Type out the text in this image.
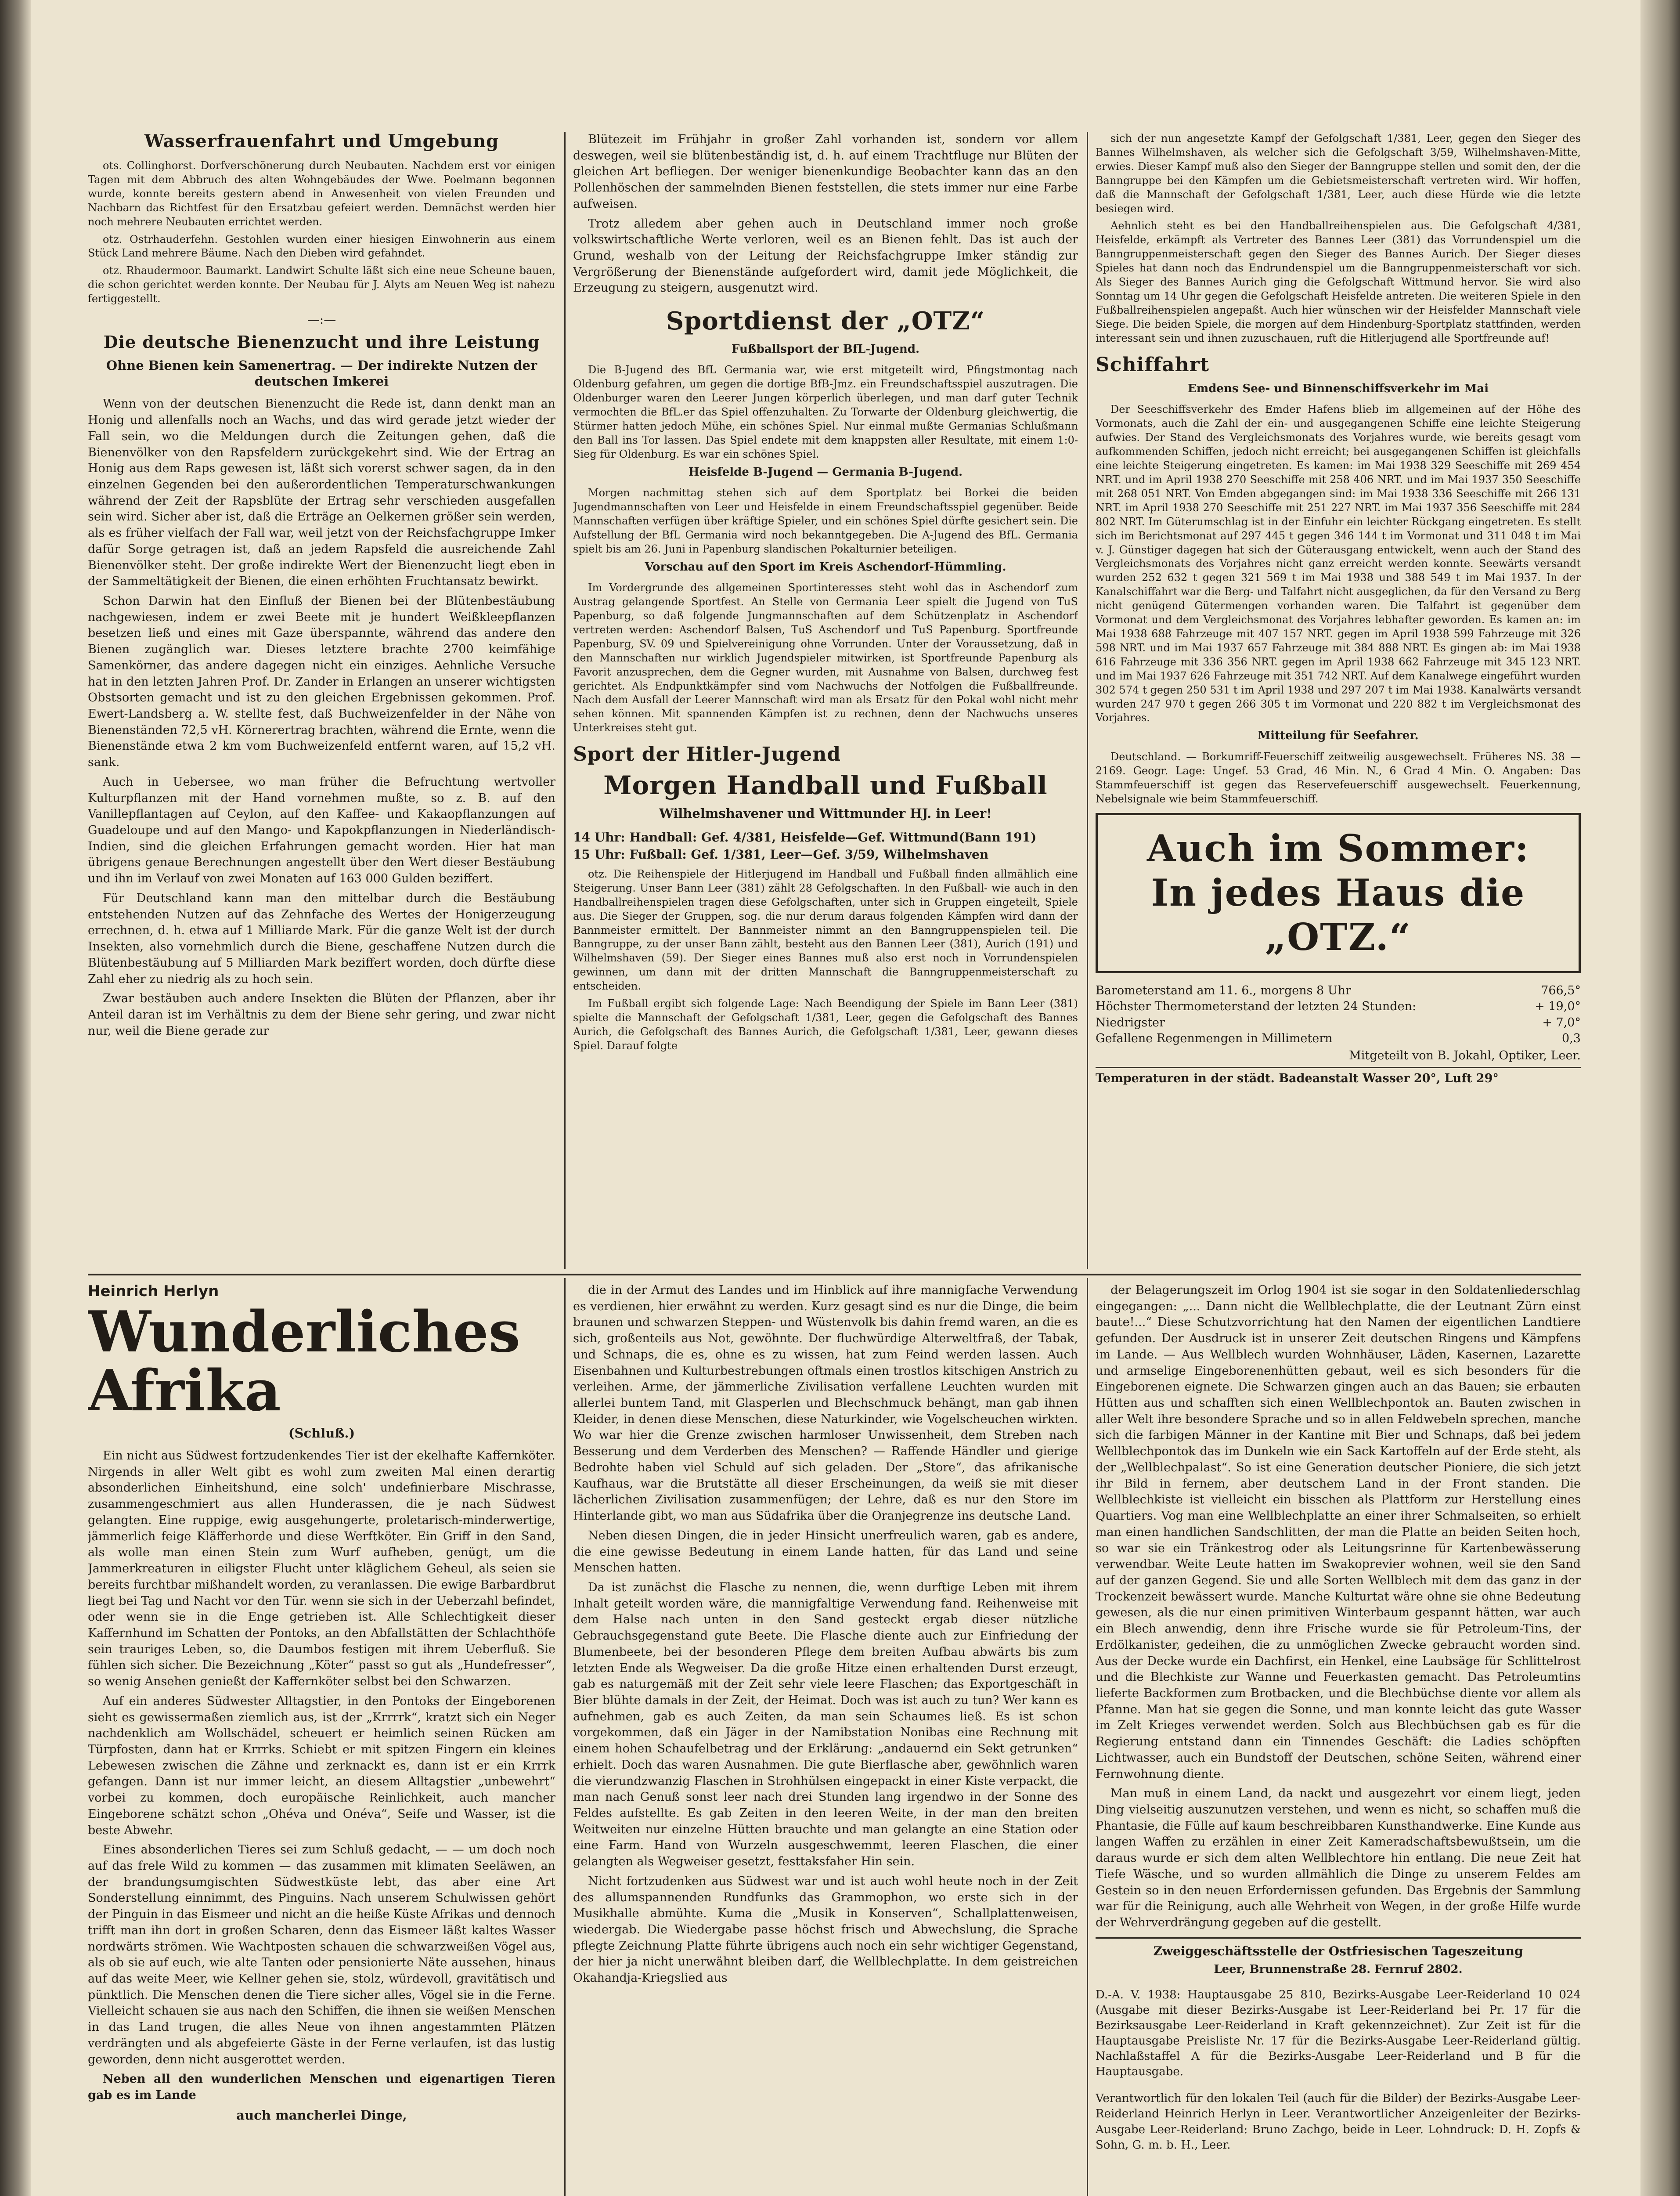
Wasserfrauenfahrt und Umgebung

ots. Collinghorst. Dorfverschönerung durch Neubauten. Nachdem erst vor einigen Tagen mit dem Abbruch des alten Wohngebäudes der Wwe. Poelmann begonnen wurde, konnte bereits gestern abend in Anwesenheit von vielen Freunden und Nachbarn das Richtfest für den Ersatzbau gefeiert werden. Demnächst werden hier noch mehrere Neubauten errichtet werden.

otz. Ostrhauderfehn. Gestohlen wurden einer hiesigen Einwohnerin aus einem Stück Land mehrere Bäume. Nach den Dieben wird gefahndet.

otz. Rhaudermoor. Baumarkt. Landwirt Schulte läßt sich eine neue Scheune bauen, die schon gerichtet werden konnte. Der Neubau für J. Alyts am Neuen Weg ist nahezu fertiggestellt.

—:—
Die deutsche Bienenzucht und ihre Leistung
Ohne Bienen kein Samenertrag. — Der indirekte Nutzen der deutschen Imkerei

Wenn von der deutschen Bienenzucht die Rede ist, dann denkt man an Honig und allenfalls noch an Wachs, und das wird gerade jetzt wieder der Fall sein, wo die Meldungen durch die Zeitungen gehen, daß die Bienenvölker von den Rapsfeldern zurückgekehrt sind. Wie der Ertrag an Honig aus dem Raps gewesen ist, läßt sich vorerst schwer sagen, da in den einzelnen Gegenden bei den außerordentlichen Temperaturschwankungen während der Zeit der Rapsblüte der Ertrag sehr verschieden ausgefallen sein wird. Sicher aber ist, daß die Erträge an Oelkernen größer sein werden, als es früher vielfach der Fall war, weil jetzt von der Reichsfachgruppe Imker dafür Sorge getragen ist, daß an jedem Rapsfeld die ausreichende Zahl Bienenvölker steht. Der große indirekte Wert der Bienenzucht liegt eben in der Sammeltätigkeit der Bienen, die einen erhöhten Fruchtansatz bewirkt.

Schon Darwin hat den Einfluß der Bienen bei der Blütenbestäubung nachgewiesen, indem er zwei Beete mit je hundert Weißkleepflanzen besetzen ließ und eines mit Gaze überspannte, während das andere den Bienen zugänglich war. Dieses letztere brachte 2700 keimfähige Samenkörner, das andere dagegen nicht ein einziges. Aehnliche Versuche hat in den letzten Jahren Prof. Dr. Zander in Erlangen an unserer wichtigsten Obstsorten gemacht und ist zu den gleichen Ergebnissen gekommen. Prof. Ewert-Landsberg a. W. stellte fest, daß Buchweizenfelder in der Nähe von Bienenständen 72,5 vH. Körnerertrag brachten, während die Ernte, wenn die Bienenstände etwa 2 km vom Buchweizenfeld entfernt waren, auf 15,2 vH. sank.

Auch in Uebersee, wo man früher die Befruchtung wertvoller Kulturpflanzen mit der Hand vornehmen mußte, so z. B. auf den Vanillepflantagen auf Ceylon, auf den Kaffee- und Kakaopflanzungen auf Guadeloupe und auf den Mango- und Kapokpflanzungen in Niederländisch-Indien, sind die gleichen Erfahrungen gemacht worden. Hier hat man übrigens genaue Berechnungen angestellt über den Wert dieser Bestäubung und ihn im Verlauf von zwei Monaten auf 163 000 Gulden beziffert.

Für Deutschland kann man den mittelbar durch die Bestäubung entstehenden Nutzen auf das Zehnfache des Wertes der Honigerzeugung errechnen, d. h. etwa auf 1 Milliarde Mark. Für die ganze Welt ist der durch Insekten, also vornehmlich durch die Biene, geschaffene Nutzen durch die Blütenbestäubung auf 5 Milliarden Mark beziffert worden, doch dürfte diese Zahl eher zu niedrig als zu hoch sein.

Zwar bestäuben auch andere Insekten die Blüten der Pflanzen, aber ihr Anteil daran ist im Verhältnis zu dem der Biene sehr gering, und zwar nicht nur, weil die Biene gerade zur

Blütezeit im Frühjahr in großer Zahl vorhanden ist, sondern vor allem deswegen, weil sie blütenbeständig ist, d. h. auf einem Trachtfluge nur Blüten der gleichen Art befliegen. Der weniger bienenkundige Beobachter kann das an den Pollenhöschen der sammelnden Bienen feststellen, die stets immer nur eine Farbe aufweisen.

Trotz alledem aber gehen auch in Deutschland immer noch große volkswirtschaftliche Werte verloren, weil es an Bienen fehlt. Das ist auch der Grund, weshalb von der Leitung der Reichsfachgruppe Imker ständig zur Vergrößerung der Bienenstände aufgefordert wird, damit jede Möglichkeit, die Erzeugung zu steigern, ausgenutzt wird.

Sportdienst der „OTZ“
Fußballsport der BfL-Jugend.

Die B-Jugend des BfL Germania war, wie erst mitgeteilt wird, Pfingstmontag nach Oldenburg gefahren, um gegen die dortige BfB-Jmz. ein Freundschaftsspiel auszutragen. Die Oldenburger waren den Leerer Jungen körperlich überlegen, und man darf guter Technik vermochten die BfL.er das Spiel offenzuhalten. Zu Torwarte der Oldenburg gleichwertig, die Stürmer hatten jedoch Mühe, ein schönes Spiel. Nur einmal mußte Germanias Schlußmann den Ball ins Tor lassen. Das Spiel endete mit dem knappsten aller Resultate, mit einem 1:0-Sieg für Oldenburg. Es war ein schönes Spiel.

Heisfelde B-Jugend — Germania B-Jugend.

Morgen nachmittag stehen sich auf dem Sportplatz bei Borkei die beiden Jugendmannschaften von Leer und Heisfelde in einem Freundschaftsspiel gegenüber. Beide Mannschaften verfügen über kräftige Spieler, und ein schönes Spiel dürfte gesichert sein. Die Aufstellung der BfL Germania wird noch bekanntgegeben. Die A-Jugend des BfL. Germania spielt bis am 26. Juni in Papenburg slandischen Pokalturnier beteiligen.

Vorschau auf den Sport im Kreis Aschendorf-Hümmling.

Im Vordergrunde des allgemeinen Sportinteresses steht wohl das in Aschendorf zum Austrag gelangende Sportfest. An Stelle von Germania Leer spielt die Jugend von TuS Papenburg, so daß folgende Jungmannschaften auf dem Schützenplatz in Aschendorf vertreten werden: Aschendorf Balsen, TuS Aschendorf und TuS Papenburg. Sportfreunde Papenburg, SV. 09 und Spielvereinigung ohne Vorrunden. Unter der Voraussetzung, daß in den Mannschaften nur wirklich Jugendspieler mitwirken, ist Sportfreunde Papenburg als Favorit anzusprechen, dem die Gegner wurden, mit Ausnahme von Balsen, durchweg fest gerichtet. Als Endpunktkämpfer sind vom Nachwuchs der Notfolgen die Fußballfreunde. Nach dem Ausfall der Leerer Mannschaft wird man als Ersatz für den Pokal wohl nicht mehr sehen können. Mit spannenden Kämpfen ist zu rechnen, denn der Nachwuchs unseres Unterkreises steht gut.

Sport der Hitler-Jugend
Morgen Handball und Fußball
Wilhelmshavener und Wittmunder HJ. in Leer!
14 Uhr: Handball: Gef. 4/381, Heisfelde—Gef. Wittmund(Bann 191)
15 Uhr: Fußball: Gef. 1/381, Leer—Gef. 3/59, Wilhelmshaven

otz. Die Reihenspiele der Hitlerjugend im Handball und Fußball finden allmählich eine Steigerung. Unser Bann Leer (381) zählt 28 Gefolgschaften. In den Fußball- wie auch in den Handballreihenspielen tragen diese Gefolgschaften, unter sich in Gruppen eingeteilt, Spiele aus. Die Sieger der Gruppen, sog. die nur derum daraus folgenden Kämpfen wird dann der Bannmeister ermittelt. Der Bannmeister nimmt an den Banngruppenspielen teil. Die Banngruppe, zu der unser Bann zählt, besteht aus den Bannen Leer (381), Aurich (191) und Wilhelmshaven (59). Der Sieger eines Bannes muß also erst noch in Vorrundenspielen gewinnen, um dann mit der dritten Mannschaft die Banngruppenmeisterschaft zu entscheiden.

Im Fußball ergibt sich folgende Lage: Nach Beendigung der Spiele im Bann Leer (381) spielte die Mannschaft der Gefolgschaft 1/381, Leer, gegen die Gefolgschaft des Bannes Aurich, die Gefolgschaft des Bannes Aurich, die Gefolgschaft 1/381, Leer, gewann dieses Spiel. Darauf folgte

sich der nun angesetzte Kampf der Gefolgschaft 1/381, Leer, gegen den Sieger des Bannes Wilhelmshaven, als welcher sich die Gefolgschaft 3/59, Wilhelmshaven-Mitte, erwies. Dieser Kampf muß also den Sieger der Banngruppe stellen und somit den, der die Banngruppe bei den Kämpfen um die Gebietsmeisterschaft vertreten wird. Wir hoffen, daß die Mannschaft der Gefolgschaft 1/381, Leer, auch diese Hürde wie die letzte besiegen wird.

Aehnlich steht es bei den Handballreihenspielen aus. Die Gefolgschaft 4/381, Heisfelde, erkämpft als Vertreter des Bannes Leer (381) das Vorrundenspiel um die Banngruppenmeisterschaft gegen den Sieger des Bannes Aurich. Der Sieger dieses Spieles hat dann noch das Endrundenspiel um die Banngruppenmeisterschaft vor sich. Als Sieger des Bannes Aurich ging die Gefolgschaft Wittmund hervor. Sie wird also Sonntag um 14 Uhr gegen die Gefolgschaft Heisfelde antreten. Die weiteren Spiele in den Fußballreihenspielen angepaßt. Auch hier wünschen wir der Heisfelder Mannschaft viele Siege. Die beiden Spiele, die morgen auf dem Hindenburg-Sportplatz stattfinden, werden interessant sein und ihnen zuzuschauen, ruft die Hitlerjugend alle Sportfreunde auf!

Schiffahrt
Emdens See- und Binnenschiffsverkehr im Mai

Der Seeschiffsverkehr des Emder Hafens blieb im allgemeinen auf der Höhe des Vormonats, auch die Zahl der ein- und ausgegangenen Schiffe eine leichte Steigerung aufwies. Der Stand des Vergleichsmonats des Vorjahres wurde, wie bereits gesagt vom aufkommenden Schiffen, jedoch nicht erreicht; bei ausgegangenen Schiffen ist gleichfalls eine leichte Steigerung eingetreten. Es kamen: im Mai 1938 329 Seeschiffe mit 269 454 NRT. und im April 1938 270 Seeschiffe mit 258 406 NRT. und im Mai 1937 350 Seeschiffe mit 268 051 NRT. Von Emden abgegangen sind: im Mai 1938 336 Seeschiffe mit 266 131 NRT. im April 1938 270 Seeschiffe mit 251 227 NRT. im Mai 1937 356 Seeschiffe mit 284 802 NRT. Im Güterumschlag ist in der Einfuhr ein leichter Rückgang eingetreten. Es stellt sich im Berichtsmonat auf 297 445 t gegen 346 144 t im Vormonat und 311 048 t im Mai v. J. Günstiger dagegen hat sich der Güterausgang entwickelt, wenn auch der Stand des Vergleichsmonats des Vorjahres nicht ganz erreicht werden konnte. Seewärts versandt wurden 252 632 t gegen 321 569 t im Mai 1938 und 388 549 t im Mai 1937. In der Kanalschiffahrt war die Berg- und Talfahrt nicht ausgeglichen, da für den Versand zu Berg nicht genügend Gütermengen vorhanden waren. Die Talfahrt ist gegenüber dem Vormonat und dem Vergleichsmonat des Vorjahres lebhafter geworden. Es kamen an: im Mai 1938 688 Fahrzeuge mit 407 157 NRT. gegen im April 1938 599 Fahrzeuge mit 326 598 NRT. und im Mai 1937 657 Fahrzeuge mit 384 888 NRT. Es gingen ab: im Mai 1938 616 Fahrzeuge mit 336 356 NRT. gegen im April 1938 662 Fahrzeuge mit 345 123 NRT. und im Mai 1937 626 Fahrzeuge mit 351 742 NRT. Auf dem Kanalwege eingeführt wurden 302 574 t gegen 250 531 t im April 1938 und 297 207 t im Mai 1938. Kanalwärts versandt wurden 247 970 t gegen 266 305 t im Vormonat und 220 882 t im Vergleichsmonat des Vorjahres.

Mitteilung für Seefahrer.

Deutschland. — Borkumriff-Feuerschiff zeitweilig ausgewechselt. Früheres NS. 38 — 2169. Geogr. Lage: Ungef. 53 Grad, 46 Min. N., 6 Grad 4 Min. O. Angaben: Das Stammfeuerschiff ist gegen das Reservefeuerschiff ausgewechselt. Feuerkennung, Nebelsignale wie beim Stammfeuerschiff.

Auch im Sommer:
In jedes Haus die „OTZ.“
Barometerstand am 11. 6., morgens 8 Uhr	766,5°
Höchster Thermometerstand der letzten 24 Stunden:	+ 19,0°
Niedrigster	+ 7,0°
Gefallene Regenmengen in Millimetern	0,3
Mitgeteilt von B. Jokahl, Optiker, Leer.
Temperaturen in der städt. Badeanstalt Wasser 20°, Luft 29°
Heinrich Herlyn
Wunderliches Afrika
(Schluß.)

Ein nicht aus Südwest fortzudenkendes Tier ist der ekelhafte Kaffernköter. Nirgends in aller Welt gibt es wohl zum zweiten Mal einen derartig absonderlichen Einheitshund, eine solch' undefinierbare Mischrasse, zusammengeschmiert aus allen Hunderassen, die je nach Südwest gelangten. Eine ruppige, ewig ausgehungerte, proletarisch-minderwertige, jämmerlich feige Kläfferhorde und diese Werftköter. Ein Griff in den Sand, als wolle man einen Stein zum Wurf aufheben, genügt, um die Jammerkreaturen in eiligster Flucht unter kläglichem Geheul, als seien sie bereits furchtbar mißhandelt worden, zu veranlassen. Die ewige Barbardbrut liegt bei Tag und Nacht vor den Tür. wenn sie sich in der Ueberzahl befindet, oder wenn sie in die Enge getrieben ist. Alle Schlechtigkeit dieser Kaffernhund im Schatten der Pontoks, an den Abfallstätten der Schlachthöfe sein trauriges Leben, so, die Daumbos festigen mit ihrem Ueberfluß. Sie fühlen sich sicher. Die Bezeichnung „Köter“ passt so gut als „Hundefresser“, so wenig Ansehen genießt der Kaffernköter selbst bei den Schwarzen.

Auf ein anderes Südwester Alltagstier, in den Pontoks der Eingeborenen sieht es gewissermaßen ziemlich aus, ist der „Krrrrk“, kratzt sich ein Neger nachdenklich am Wollschädel, scheuert er heimlich seinen Rücken am Türpfosten, dann hat er Krrrks. Schiebt er mit spitzen Fingern ein kleines Lebewesen zwischen die Zähne und zerknackt es, dann ist er ein Krrrk gefangen. Dann ist nur immer leicht, an diesem Alltagstier „unbewehrt“ vorbei zu kommen, doch europäische Reinlichkeit, auch mancher Eingeborene schätzt schon „Ohéva und Onéva“, Seife und Wasser, ist die beste Abwehr.

Eines absonderlichen Tieres sei zum Schluß gedacht, — — um doch noch auf das frele Wild zu kommen — das zusammen mit klimaten Seeläwen, an der brandungsumgischten Südwestküste lebt, das aber eine Art Sonderstellung einnimmt, des Pinguins. Nach unserem Schulwissen gehört der Pinguin in das Eismeer und nicht an die heiße Küste Afrikas und dennoch trifft man ihn dort in großen Scharen, denn das Eismeer läßt kaltes Wasser nordwärts strömen. Wie Wachtposten schauen die schwarzweißen Vögel aus, als ob sie auf euch, wie alte Tanten oder pensionierte Näte aussehen, hinaus auf das weite Meer, wie Kellner gehen sie, stolz, würdevoll, gravitätisch und pünktlich. Die Menschen denen die Tiere sicher alles, Vögel sie in die Ferne. Vielleicht schauen sie aus nach den Schiffen, die ihnen sie weißen Menschen in das Land trugen, die alles Neue von ihnen angestammten Plätzen verdrängten und als abgefeierte Gäste in der Ferne verlaufen, ist das lustig geworden, denn nicht ausgerottet werden.

Neben all den wunderlichen Menschen und eigenartigen Tieren gab es im Lande

auch mancherlei Dinge,

die in der Armut des Landes und im Hinblick auf ihre mannigfache Verwendung es verdienen, hier erwähnt zu werden. Kurz gesagt sind es nur die Dinge, die beim braunen und schwarzen Steppen- und Wüstenvolk bis dahin fremd waren, an die es sich, großenteils aus Not, gewöhnte. Der fluchwürdige Alterweltfraß, der Tabak, und Schnaps, die es, ohne es zu wissen, hat zum Feind werden lassen. Auch Eisenbahnen und Kulturbestrebungen oftmals einen trostlos kitschigen Anstrich zu verleihen. Arme, der jämmerliche Zivilisation verfallene Leuchten wurden mit allerlei buntem Tand, mit Glasperlen und Blechschmuck behängt, man gab ihnen Kleider, in denen diese Menschen, diese Naturkinder, wie Vogelscheuchen wirkten. Wo war hier die Grenze zwischen harmloser Unwissenheit, dem Streben nach Besserung und dem Verderben des Menschen? — Raffende Händler und gierige Bedrohte haben viel Schuld auf sich geladen. Der „Store“, das afrikanische Kaufhaus, war die Brutstätte all dieser Erscheinungen, da weiß sie mit dieser lächerlichen Zivilisation zusammenfügen; der Lehre, daß es nur den Store im Hinterlande gibt, wo man aus Südafrika über die Oranjegrenze ins deutsche Land.

Neben diesen Dingen, die in jeder Hinsicht unerfreulich waren, gab es andere, die eine gewisse Bedeutung in einem Lande hatten, für das Land und seine Menschen hatten.

Da ist zunächst die Flasche zu nennen, die, wenn durftige Leben mit ihrem Inhalt geteilt worden wäre, die mannigfaltige Verwendung fand. Reihenweise mit dem Halse nach unten in den Sand gesteckt ergab dieser nützliche Gebrauchsgegenstand gute Beete. Die Flasche diente auch zur Einfriedung der Blumenbeete, bei der besonderen Pflege dem breiten Aufbau abwärts bis zum letzten Ende als Wegweiser. Da die große Hitze einen erhaltenden Durst erzeugt, gab es naturgemäß mit der Zeit sehr viele leere Flaschen; das Exportgeschäft in Bier blühte damals in der Zeit, der Heimat. Doch was ist auch zu tun? Wer kann es aufnehmen, gab es auch Zeiten, da man sein Schaumes ließ. Es ist schon vorgekommen, daß ein Jäger in der Namibstation Nonibas eine Rechnung mit einem hohen Schaufelbetrag und der Erklärung: „andauernd ein Sekt getrunken“ erhielt. Doch das waren Ausnahmen. Die gute Bierflasche aber, gewöhnlich waren die vierundzwanzig Flaschen in Strohhülsen eingepackt in einer Kiste verpackt, die man nach Genuß sonst leer nach drei Stunden lang irgendwo in der Sonne des Feldes aufstellte. Es gab Zeiten in den leeren Weite, in der man den breiten Weitweiten nur einzelne Hütten brauchte und man gelangte an eine Station oder eine Farm. Hand von Wurzeln ausgeschwemmt, leeren Flaschen, die einer gelangten als Wegweiser gesetzt, festtaksfaher Hin sein.

Nicht fortzudenken aus Südwest war und ist auch wohl heute noch in der Zeit des allumspannenden Rundfunks das Grammophon, wo erste sich in der Musikhalle abmühte. Kuma die „Musik in Konserven“, Schallplattenweisen, wiedergab. Die Wiedergabe passe höchst frisch und Abwechslung, die Sprache pflegte Zeichnung Platte führte übrigens auch noch ein sehr wichtiger Gegenstand, der hier ja nicht unerwähnt bleiben darf, die Wellblechplatte. In dem geistreichen Okahandja-Kriegslied aus

der Belagerungszeit im Orlog 1904 ist sie sogar in den Soldatenliederschlag eingegangen: „... Dann nicht die Wellblechplatte, die der Leutnant Zürn einst baute!...“ Diese Schutzvorrichtung hat den Namen der eigentlichen Landtiere gefunden. Der Ausdruck ist in unserer Zeit deutschen Ringens und Kämpfens im Lande. — Aus Wellblech wurden Wohnhäuser, Läden, Kasernen, Lazarette und armselige Eingeborenenhütten gebaut, weil es sich besonders für die Eingeborenen eignete. Die Schwarzen gingen auch an das Bauen; sie erbauten Hütten aus und schafften sich einen Wellblechpontok an. Bauten zwischen in aller Welt ihre besondere Sprache und so in allen Feldwebeln sprechen, manche sich die farbigen Männer in der Kantine mit Bier und Schnaps, daß bei jedem Wellblechpontok das im Dunkeln wie ein Sack Kartoffeln auf der Erde steht, als der „Wellblechpalast“. So ist eine Generation deutscher Pioniere, die sich jetzt ihr Bild in fernem, aber deutschem Land in der Front standen. Die Wellblechkiste ist vielleicht ein bisschen als Plattform zur Herstellung eines Quartiers. Vog man eine Wellblechplatte an einer ihrer Schmalseiten, so erhielt man einen handlichen Sandschlitten, der man die Platte an beiden Seiten hoch, so war sie ein Tränkestrog oder als Leitungsrinne für Kartenbewässerung verwendbar. Weite Leute hatten im Swakoprevier wohnen, weil sie den Sand auf der ganzen Gegend. Sie und alle Sorten Wellblech mit dem das ganz in der Trockenzeit bewässert wurde. Manche Kulturtat wäre ohne sie ohne Bedeutung gewesen, als die nur einen primitiven Winterbaum gespannt hätten, war auch ein Blech anwendig, denn ihre Frische wurde sie für Petroleum-Tins, der Erdölkanister, gedeihen, die zu unmöglichen Zwecke gebraucht worden sind. Aus der Decke wurde ein Dachfirst, ein Henkel, eine Laubsäge für Schlittelrost und die Blechkiste zur Wanne und Feuerkasten gemacht. Das Petroleumtins lieferte Backformen zum Brotbacken, und die Blechbüchse diente vor allem als Pfanne. Man hat sie gegen die Sonne, und man konnte leicht das gute Wasser im Zelt Krieges verwendet werden. Solch aus Blechbüchsen gab es für die Regierung entstand dann ein Tinnendes Geschäft: die Ladies schöpften Lichtwasser, auch ein Bundstoff der Deutschen, schöne Seiten, während einer Fernwohnung diente.

Man muß in einem Land, da nackt und ausgezehrt vor einem liegt, jeden Ding vielseitig auszunutzen verstehen, und wenn es nicht, so schaffen muß die Phantasie, die Fülle auf kaum beschreibbaren Kunsthandwerke. Eine Kunde aus langen Waffen zu erzählen in einer Zeit Kameradschaftsbewußtsein, um die daraus wurde er sich dem alten Wellblechtore hin entlang. Die neue Zeit hat Tiefe Wäsche, und so wurden allmählich die Dinge zu unserem Feldes am Gestein so in den neuen Erfordernissen gefunden. Das Ergebnis der Sammlung war für die Reinigung, auch alle Wehrheit von Wegen, in der große Hilfe wurde der Wehrverdrängung gegeben auf die gestellt.

Zweiggeschäftsstelle der Ostfriesischen Tageszeitung
Leer, Brunnenstraße 28. Fernruf 2802.

D.-A. V. 1938: Hauptausgabe 25 810, Bezirks-Ausgabe Leer-Reiderland 10 024 (Ausgabe mit dieser Bezirks-Ausgabe ist Leer-Reiderland bei Pr. 17 für die Bezirksausgabe Leer-Reiderland in Kraft gekennzeichnet). Zur Zeit ist für die Hauptausgabe Preisliste Nr. 17 für die Bezirks-Ausgabe Leer-Reiderland gültig. Nachlaßstaffel A für die Bezirks-Ausgabe Leer-Reiderland und B für die Hauptausgabe.

Verantwortlich für den lokalen Teil (auch für die Bilder) der Bezirks-Ausgabe Leer-Reiderland Heinrich Herlyn in Leer. Verantwortlicher Anzeigenleiter der Bezirks-Ausgabe Leer-Reiderland: Bruno Zachgo, beide in Leer. Lohndruck: D. H. Zopfs & Sohn, G. m. b. H., Leer.
